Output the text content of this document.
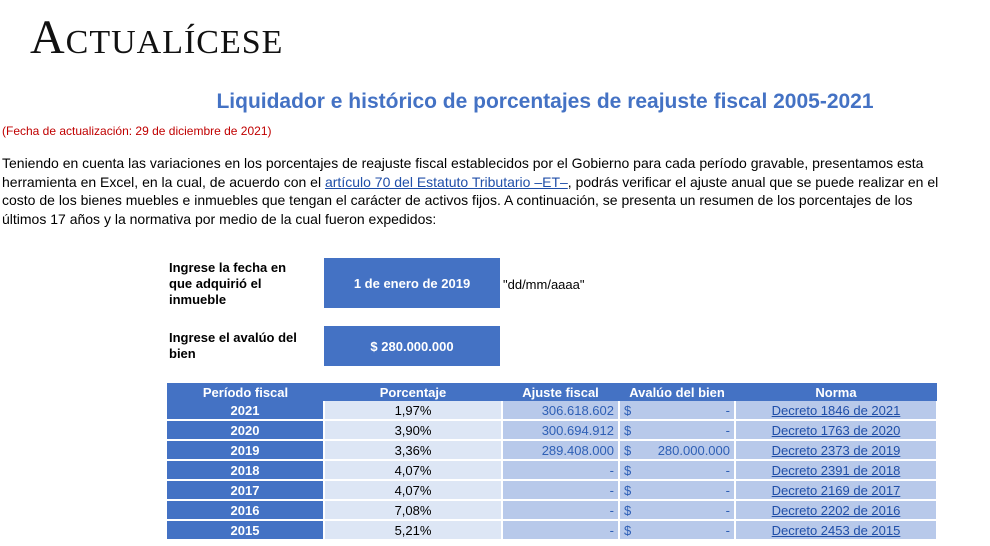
Actualícese
Liquidador e histórico de porcentajes de reajuste fiscal 2005-2021
(Fecha de actualización: 29 de diciembre de 2021)
Teniendo en cuenta las variaciones en los porcentajes de reajuste fiscal establecidos por el Gobierno para cada período gravable, presentamos esta herramienta en Excel, en la cual, de acuerdo con el artículo 70 del Estatuto Tributario –ET–, podrás verificar el ajuste anual que se puede realizar en el costo de los bienes muebles e inmuebles que tengan el carácter de activos fijos. A continuación, se presenta un resumen de los porcentajes de los últimos 17 años y la normativa por medio de la cual fueron expedidos:
Ingrese la fecha en que adquirió el inmueble
1 de enero de 2019	"dd/mm/aaaa"
Ingrese el avalúo del bien	$ 280.000.000
Período fiscal	Porcentaje	Ajuste fiscal	Avalúo del bien	Norma
2021	1,97%	306.618.602	$ -	Decreto 1846 de 2021
2020	3,90%	300.694.912	$ -	Decreto 1763 de 2020
2019	3,36%	289.408.000	$ 280.000.000	Decreto 2373 de 2019
2018	4,07%	-	$ -	Decreto 2391 de 2018
2017	4,07%	-	$ -	Decreto 2169 de 2017
2016	7,08%	-	$ -	Decreto 2202 de 2016
2015	5,21%	-	$ -	Decreto 2453 de 2015
